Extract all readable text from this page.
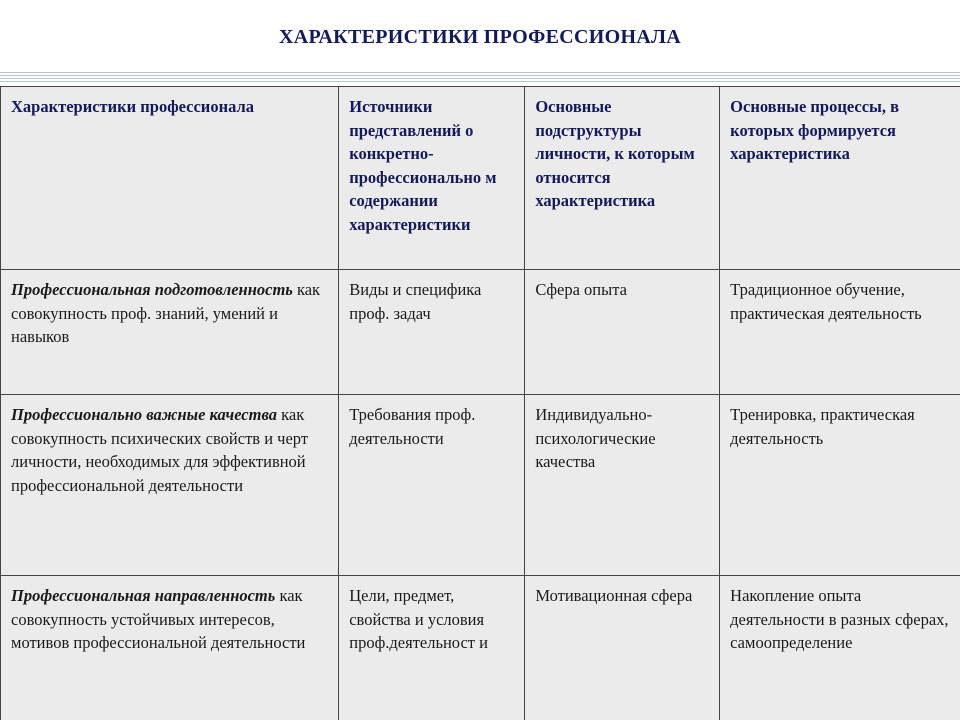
ХАРАКТЕРИСТИКИ ПРОФЕССИОНАЛА
Характеристики профессионала	Источники представлений о конкретно-профессионально м содержании характеристики	Основные подструктуры личности, к которым относится характеристика	Основные процессы, в которых формируется характеристика
Профессиональная подготовленность как совокупность проф. знаний, умений и навыков	Виды и специфика проф. задач	Сфера опыта	Традиционное обучение, практическая деятельность
Профессионально важные качества как совокупность психических свойств и черт личности, необходимых для эффективной профессиональной деятельности	Требования проф. деятельности	Индивидуально-психологические качества	Тренировка, практическая деятельность
Профессиональная направленность как совокупность устойчивых интересов, мотивов профессиональной деятельности	Цели, предмет, свойства и условия проф.деятельност и	Мотивационная сфера	Накопление опыта деятельности в разных сферах, самоопределение
